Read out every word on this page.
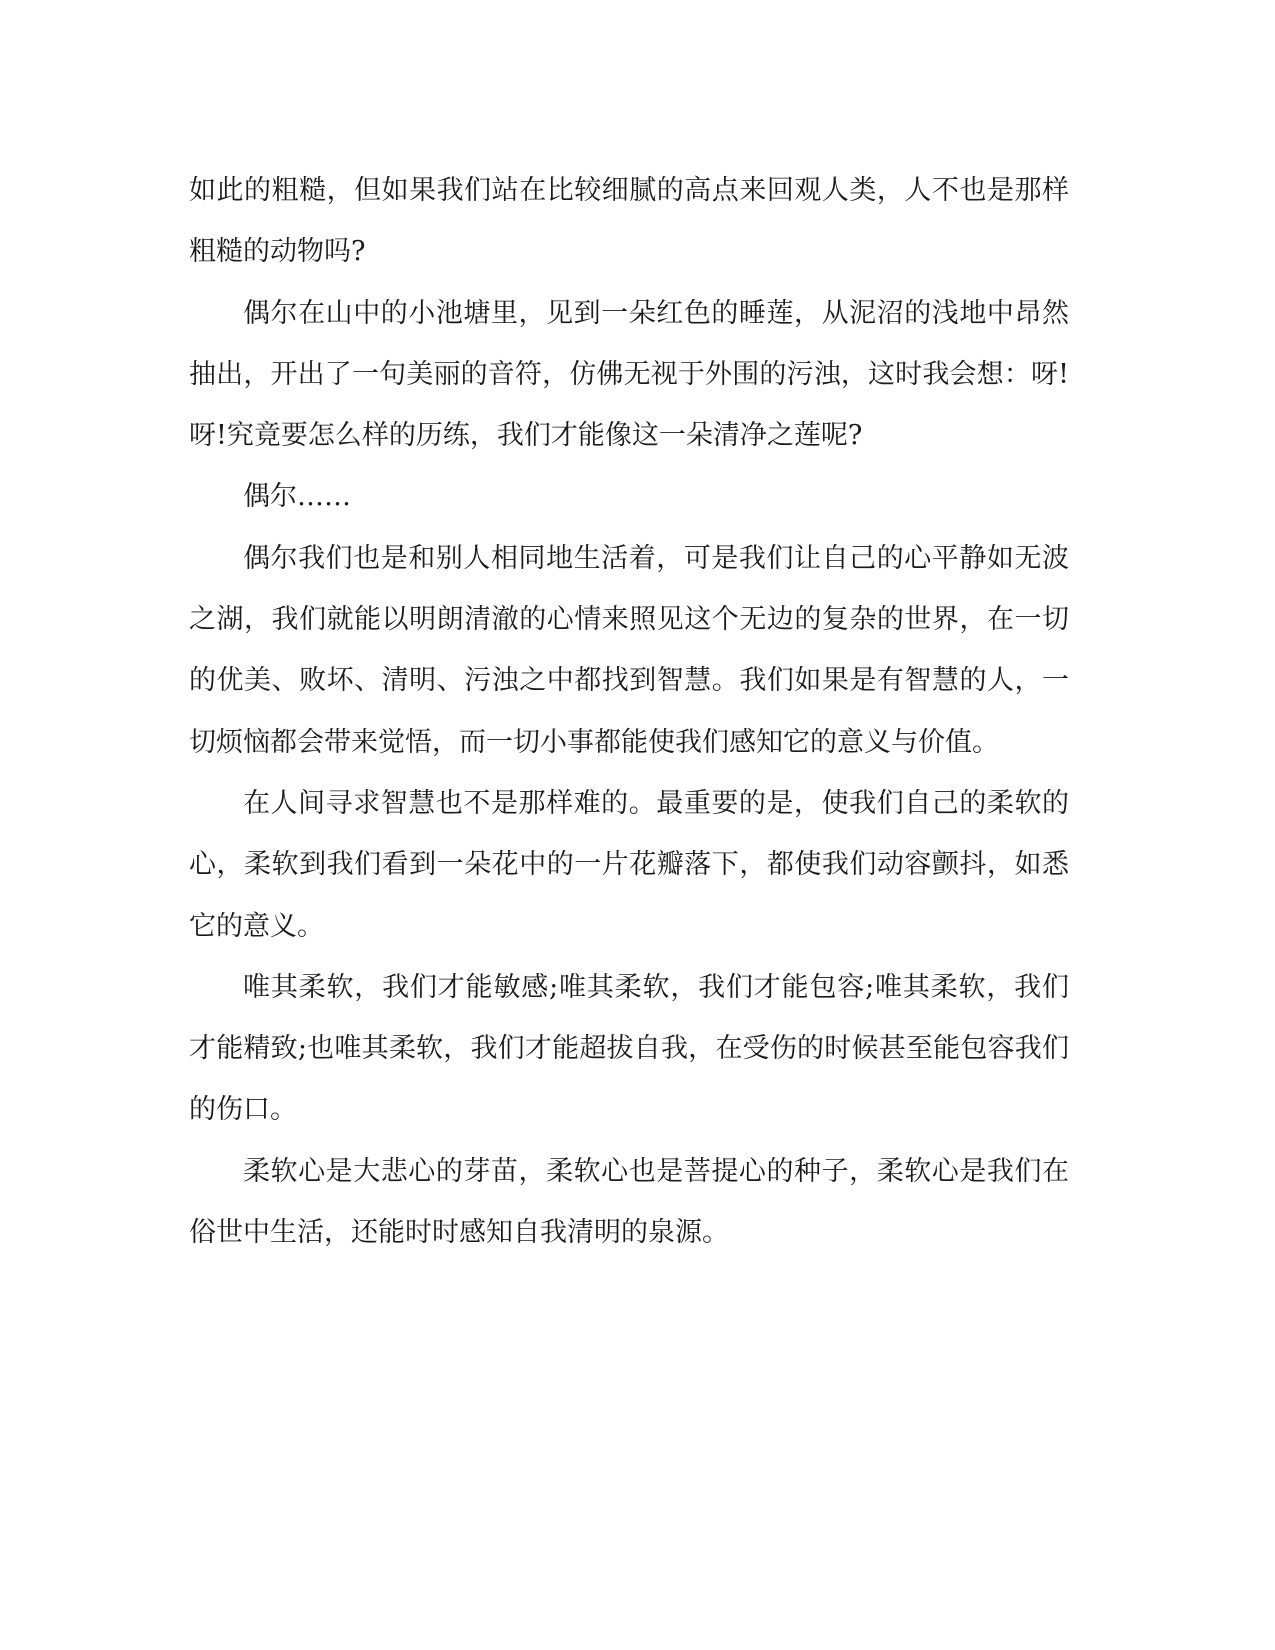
如此的粗糙，但如果我们站在比较细腻的高点来回观人类，人不也是那样粗糙的动物吗?

偶尔在山中的小池塘里，见到一朵红色的睡莲，从泥沼的浅地中昂然抽出，开出了一句美丽的音符，仿佛无视于外围的污浊，这时我会想：呀!呀!究竟要怎么样的历练，我们才能像这一朵清净之莲呢?

偶尔……

偶尔我们也是和别人相同地生活着，可是我们让自己的心平静如无波之湖，我们就能以明朗清澈的心情来照见这个无边的复杂的世界，在一切的优美、败坏、清明、污浊之中都找到智慧。我们如果是有智慧的人，一切烦恼都会带来觉悟，而一切小事都能使我们感知它的意义与价值。

在人间寻求智慧也不是那样难的。最重要的是，使我们自己的柔软的心，柔软到我们看到一朵花中的一片花瓣落下，都使我们动容颤抖，如悉它的意义。

唯其柔软，我们才能敏感;唯其柔软，我们才能包容;唯其柔软，我们才能精致;也唯其柔软，我们才能超拔自我，在受伤的时候甚至能包容我们的伤口。

柔软心是大悲心的芽苗，柔软心也是菩提心的种子，柔软心是我们在俗世中生活，还能时时感知自我清明的泉源。
